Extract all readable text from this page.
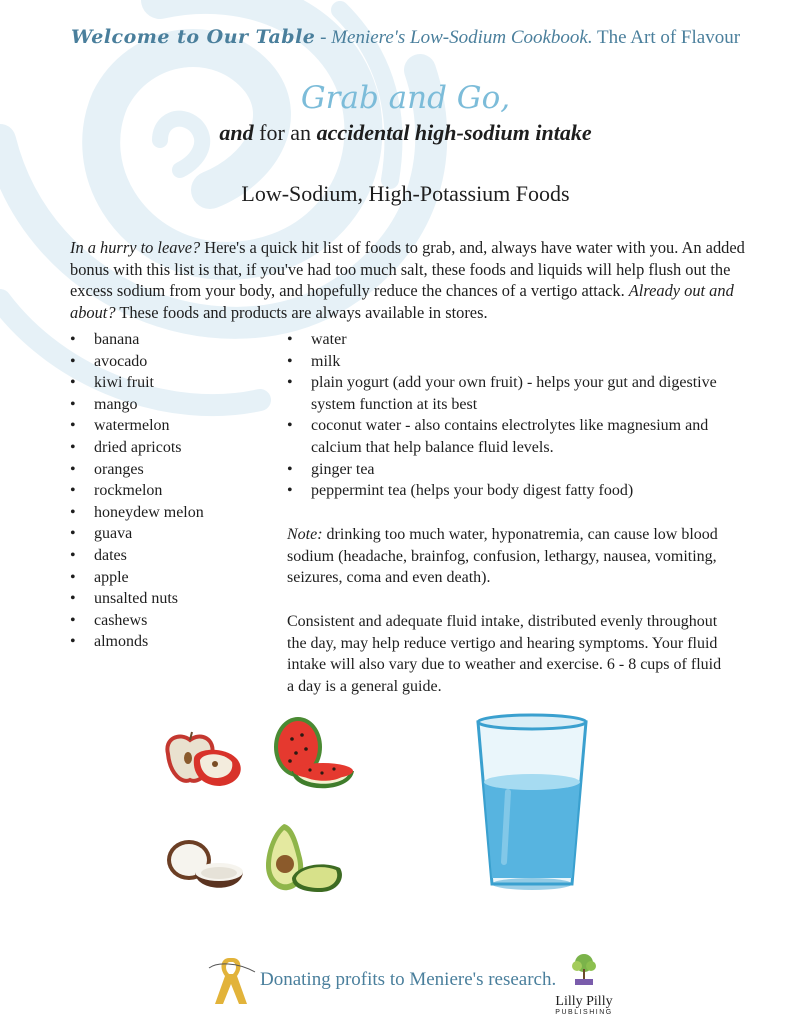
Welcome to Our Table - Meniere's Low-Sodium Cookbook. The Art of Flavour
Grab and Go,
and for an accidental high-sodium intake
Low-Sodium, High-Potassium Foods
In a hurry to leave? Here's a quick hit list of foods to grab, and, always have water with you. An added bonus with this list is that, if you've had too much salt, these foods and liquids will help flush out the excess sodium from your body, and hopefully reduce the chances of a vertigo attack. Already out and about? These foods and products are always available in stores.
• banana
• avocado
• kiwi fruit
• mango
• watermelon
• dried apricots
• oranges
• rockmelon
• honeydew melon
• guava
• dates
• apple
• unsalted nuts
• cashews
• almonds
• water
• milk
• plain yogurt (add your own fruit) - helps your gut and digestive system function at its best
• coconut water - also contains electrolytes like magnesium and calcium that help balance fluid levels.
• ginger tea
• peppermint tea (helps your body digest fatty food)
Note: drinking too much water, hyponatremia, can cause low blood sodium (headache, brainfog, confusion, lethargy, nausea, vomiting, seizures, coma and even death).
Consistent and adequate fluid intake, distributed evenly throughout the day, may help reduce vertigo and hearing symptoms. Your fluid intake will also vary due to weather and exercise. 6 - 8 cups of fluid a day is a general guide.
Donating profits to Meniere's research.
Lilly Pilly
PUBLISHING
